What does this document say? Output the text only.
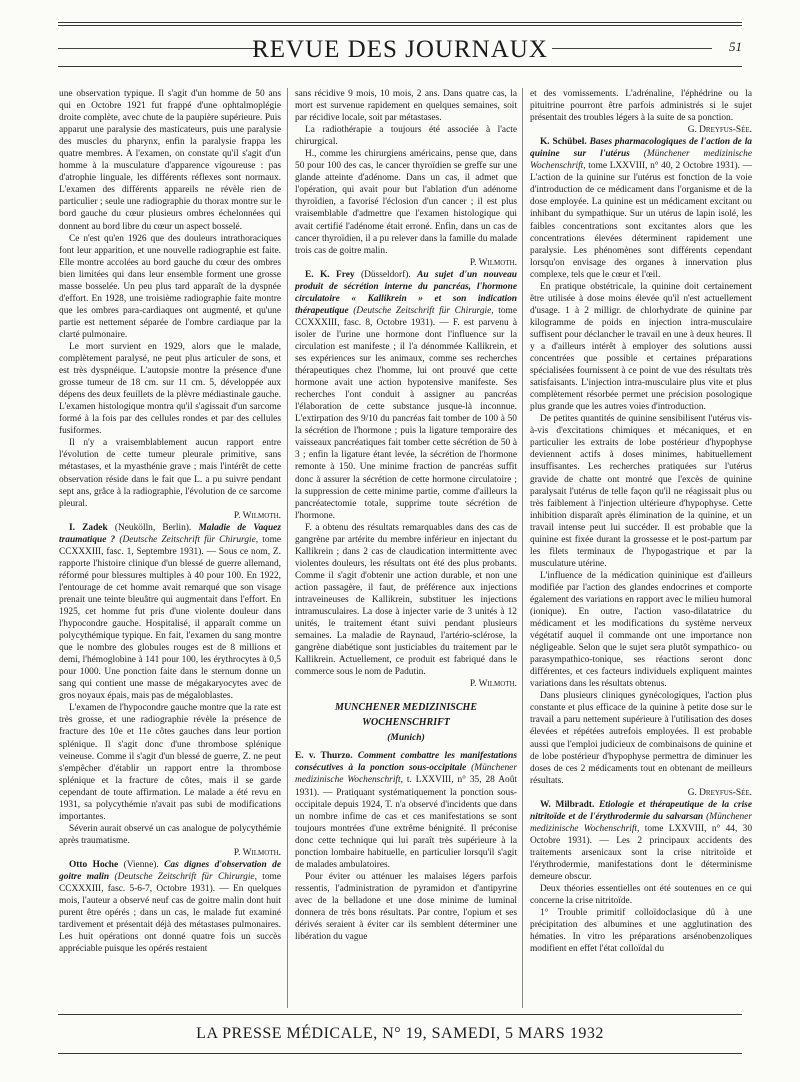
REVUE DES JOURNAUX	51

une observation typique. Il s'agit d'un homme de 50 ans qui en Octobre 1921 fut frappé d'une ophtalmoplégie droite complète, avec chute de la paupière supérieure. Puis apparut une paralysie des masticateurs, puis une paralysie des muscles du pharynx, enfin la paralysie frappa les quatre membres. A l'examen, on constate qu'il s'agit d'un homme à la musculature d'apparence vigoureuse : pas d'atrophie linguale, les différents réflexes sont normaux. L'examen des différents appareils ne révèle rien de particulier ; seule une radiographie du thorax montre sur le bord gauche du cœur plusieurs ombres échelonnées qui donnent au bord libre du cœur un aspect bosselé.

Ce n'est qu'en 1926 que des douleurs intrathoraciques font leur apparition, et une nouvelle radiographie est faite. Elle montre accolées au bord gauche du cœur des ombres bien limitées qui dans leur ensemble forment une grosse masse bosselée. Un peu plus tard apparaît de la dyspnée d'effort. En 1928, une troisième radiographie faite montre que les ombres para-cardiaques ont augmenté, et qu'une partie est nettement séparée de l'ombre cardiaque par la clarté pulmonaire.

Le mort survient en 1929, alors que le malade, complètement paralysé, ne peut plus articuler de sons, et est très dyspnéique. L'autopsie montre la présence d'une grosse tumeur de 18 cm. sur 11 cm. 5, développée aux dépens des deux feuillets de la plèvre médiastinale gauche. L'examen histologique montra qu'il s'agissait d'un sarcome formé à la fois par des cellules rondes et par des cellules fusiformes.

Il n'y a vraisemblablement aucun rapport entre l'évolution de cette tumeur pleurale primitive, sans métastases, et la myasthénie grave ; mais l'intérêt de cette observation réside dans le fait que L. a pu suivre pendant sept ans, grâce à la radiographie, l'évolution de ce sarcome pleural.

P. Wilmoth.

I. Zadek (Neukölln, Berlin). Maladie de Vaquez traumatique ? (Deutsche Zeitschrift für Chirurgie, tome CCXXXIII, fasc. 1, Septembre 1931). — Sous ce nom, Z. rapporte l'histoire clinique d'un blessé de guerre allemand, réformé pour blessures multiples à 40 pour 100. En 1922, l'entourage de cet homme avait remarqué que son visage prenait une teinte bleuâtre qui augmentait dans l'effort. En 1925, cet homme fut pris d'une violente douleur dans l'hypocondre gauche. Hospitalisé, il apparaît comme un polycythémique typique. En fait, l'examen du sang montre que le nombre des globules rouges est de 8 millions et demi, l'hémoglobine à 141 pour 100, les érythrocytes à 0,5 pour 1000. Une ponction faite dans le sternum donne un sang qui contient une masse de mégakaryocytes avec de gros noyaux épais, mais pas de mégaloblastes.

L'examen de l'hypocondre gauche montre que la rate est très grosse, et une radiographie révèle la présence de fracture des 10e et 11e côtes gauches dans leur portion splénique. Il s'agit donc d'une thrombose splénique veineuse. Comme il s'agit d'un blessé de guerre, Z. ne peut s'empêcher d'établir un rapport entre la thrombose splénique et la fracture de côtes, mais il se garde cependant de toute affirmation. Le malade a été revu en 1931, sa polycythémie n'avait pas subi de modifications importantes.

Séverin aurait observé un cas analogue de polycythémie après traumatisme.

P. Wilmoth.

Otto Hoche (Vienne). Cas dignes d'observation de goitre malin (Deutsche Zeitschrift für Chirurgie, tome CCXXXIII, fasc. 5-6-7, Octobre 1931). — En quelques mois, l'auteur a observé neuf cas de goitre malin dont huit purent être opérés ; dans un cas, le malade fut examiné tardivement et présentait déjà des métastases pulmonaires. Les huit opérations ont donné quatre fois un succès appréciable puisque les opérés restaient

sans récidive 9 mois, 10 mois, 2 ans. Dans quatre cas, la mort est survenue rapidement en quelques semaines, soit par récidive locale, soit par métastases.

La radiothérapie a toujours été associée à l'acte chirurgical.

H., comme les chirurgiens américains, pense que, dans 50 pour 100 des cas, le cancer thyroïdien se greffe sur une glande atteinte d'adénome. Dans un cas, il admet que l'opération, qui avait pour but l'ablation d'un adénome thyroïdien, a favorisé l'éclosion d'un cancer ; il est plus vraisemblable d'admettre que l'examen histologique qui avait certifié l'adénome était erroné. Enfin, dans un cas de cancer thyroïdien, il a pu relever dans la famille du malade trois cas de goitre malin.

P. Wilmoth.

E. K. Frey (Düsseldorf). Au sujet d'un nouveau produit de sécrétion interne du pancréas, l'hormone circulatoire « Kallikrein » et son indication thérapeutique (Deutsche Zeitschrift für Chirurgie, tome CCXXXIII, fasc. 8, Octobre 1931). — F. est parvenu à isoler de l'urine une hormone dont l'influence sur la circulation est manifeste ; il l'a dénommée Kallikrein, et ses expériences sur les animaux, comme ses recherches thérapeutiques chez l'homme, lui ont prouvé que cette hormone avait une action hypotensive manifeste. Ses recherches l'ont conduit à assigner au pancréas l'élaboration de cette substance jusque-là inconnue. L'extirpation des 9/10 du pancréas fait tomber de 100 à 50 la sécrétion de l'hormone ; puis la ligature temporaire des vaisseaux pancréatiques fait tomber cette sécrétion de 50 à 3 ; enfin la ligature étant levée, la sécrétion de l'hormone remonte à 150. Une minime fraction de pancréas suffit donc à assurer la sécrétion de cette hormone circulatoire ; la suppression de cette minime partie, comme d'ailleurs la pancréatectomie totale, supprime toute sécrétion de l'hormone.

F. a obtenu des résultats remarquables dans des cas de gangrène par artérite du membre inférieur en injectant du Kallikrein ; dans 2 cas de claudication intermittente avec violentes douleurs, les résultats ont été des plus probants. Comme il s'agit d'obtenir une action durable, et non une action passagère, il faut, de préférence aux injections intraveineuses de Kallikrein, substituer les injections intramusculaires. La dose à injecter varie de 3 unités à 12 unités, le traitement étant suivi pendant plusieurs semaines. La maladie de Raynaud, l'artério-sclérose, la gangrène diabétique sont justiciables du traitement par le Kallikrein. Actuellement, ce produit est fabriqué dans le commerce sous le nom de Padutin.

P. Wilmoth.

MUNCHENER MEDIZINISCHE WOCHENSCHRIFT
(Munich)

E. v. Thurzo. Comment combattre les manifestations consécutives à la ponction sous-occipitale (Münchener medizinische Wochenschrift, t. LXXVIII, n° 35, 28 Août 1931). — Pratiquant systématiquement la ponction sous-occipitale depuis 1924, T. n'a observé d'incidents que dans un nombre infime de cas et ces manifestations se sont toujours montrées d'une extrême bénignité. Il préconise donc cette technique qui lui paraît très supérieure à la ponction lombaire habituelle, en particulier lorsqu'il s'agit de malades ambulatoires.

Pour éviter ou atténuer les malaises légers parfois ressentis, l'administration de pyramidon et d'antipyrine avec de la belladone et une dose minime de luminal donnera de très bons résultats. Par contre, l'opium et ses dérivés seraient à éviter car ils semblent déterminer une libération du vague

et des vomissements. L'adrénaline, l'éphédrine ou la pituitrine pourront être parfois administrés si le sujet présentait des troubles légers à la suite de sa ponction.

G. Dreyfus-Sée.

K. Schübel. Bases pharmacologiques de l'action de la quinine sur l'utérus (Münchener medizinische Wochenschrift, tome LXXVIII, n° 40, 2 Octobre 1931). — L'action de la quinine sur l'utérus est fonction de la voie d'introduction de ce médicament dans l'organisme et de la dose employée. La quinine est un médicament excitant ou inhibant du sympathique. Sur un utérus de lapin isolé, les faibles concentrations sont excitantes alors que les concentrations élevées déterminent rapidement une paralysie. Les phénomènes sont différents cependant lorsqu'on envisage des organes à innervation plus complexe, tels que le cœur et l'œil.

En pratique obstétricale, la quinine doit certainement être utilisée à dose moins élevée qu'il n'est actuellement d'usage. 1 à 2 milligr. de chlorhydrate de quinine par kilogramme de poids en injection intra-musculaire suffisent pour déclancher le travail en une à deux heures. Il y a d'ailleurs intérêt à employer des solutions aussi concentrées que possible et certaines préparations spécialisées fournissent à ce point de vue des résultats très satisfaisants. L'injection intra-musculaire plus vite et plus complètement résorbée permet une précision posologique plus grande que les autres voies d'introduction.

De petites quantités de quinine sensibilisent l'utérus vis-à-vis d'excitations chimiques et mécaniques, et en particulier les extraits de lobe postérieur d'hypophyse deviennent actifs à doses minimes, habituellement insuffisantes. Les recherches pratiquées sur l'utérus gravide de chatte ont montré que l'excès de quinine paralysait l'utérus de telle façon qu'il ne réagissait plus ou très faiblement à l'injection ultérieure d'hypophyse. Cette inhibition disparaît après élimination de la quinine, et un travail intense peut lui succéder. Il est probable que la quinine est fixée durant la grossesse et le post-partum par les filets terminaux de l'hypogastrique et par la musculature utérine.

L'influence de la médication quininique est d'ailleurs modifiée par l'action des glandes endocrines et comporte également des variations en rapport avec le milieu humoral (ionique). En outre, l'action vaso-dilatatrice du médicament et les modifications du système nerveux végétatif auquel il commande ont une importance non négligeable. Selon que le sujet sera plutôt sympathico- ou parasympathico-tonique, ses réactions seront donc différentes, et ces facteurs individuels expliquent maintes variations dans les résultats obtenus.

Dans plusieurs cliniques gynécologiques, l'action plus constante et plus efficace de la quinine à petite dose sur le travail a paru nettement supérieure à l'utilisation des doses élevées et répétées autrefois employées. Il est probable aussi que l'emploi judicieux de combinaisons de quinine et de lobe postérieur d'hypophyse permettra de diminuer les doses de ces 2 médicaments tout en obtenant de meilleurs résultats.

G. Dreyfus-Sée.

W. Milbradt. Etiologie et thérapeutique de la crise nitritoïde et de l'érythrodermie du salvarsan (Münchener medizinische Wochenschrift, tome LXXVIII, n° 44, 30 Octobre 1931). — Les 2 principaux accidents des traitements arsenicaux sont la crise nitritoïde et l'érythrodermie, manifestations dont le déterminisme demeure obscur.

Deux théories essentielles ont été soutenues en ce qui concerne la crise nitritoïde.

1° Trouble primitif colloïdoclasique dû à une précipitation des albumines et une agglutination des hématies. In vitro les préparations arsénobenzoliques modifient en effet l'état colloïdal du

LA PRESSE MÉDICALE, N° 19, SAMEDI, 5 MARS 1932
